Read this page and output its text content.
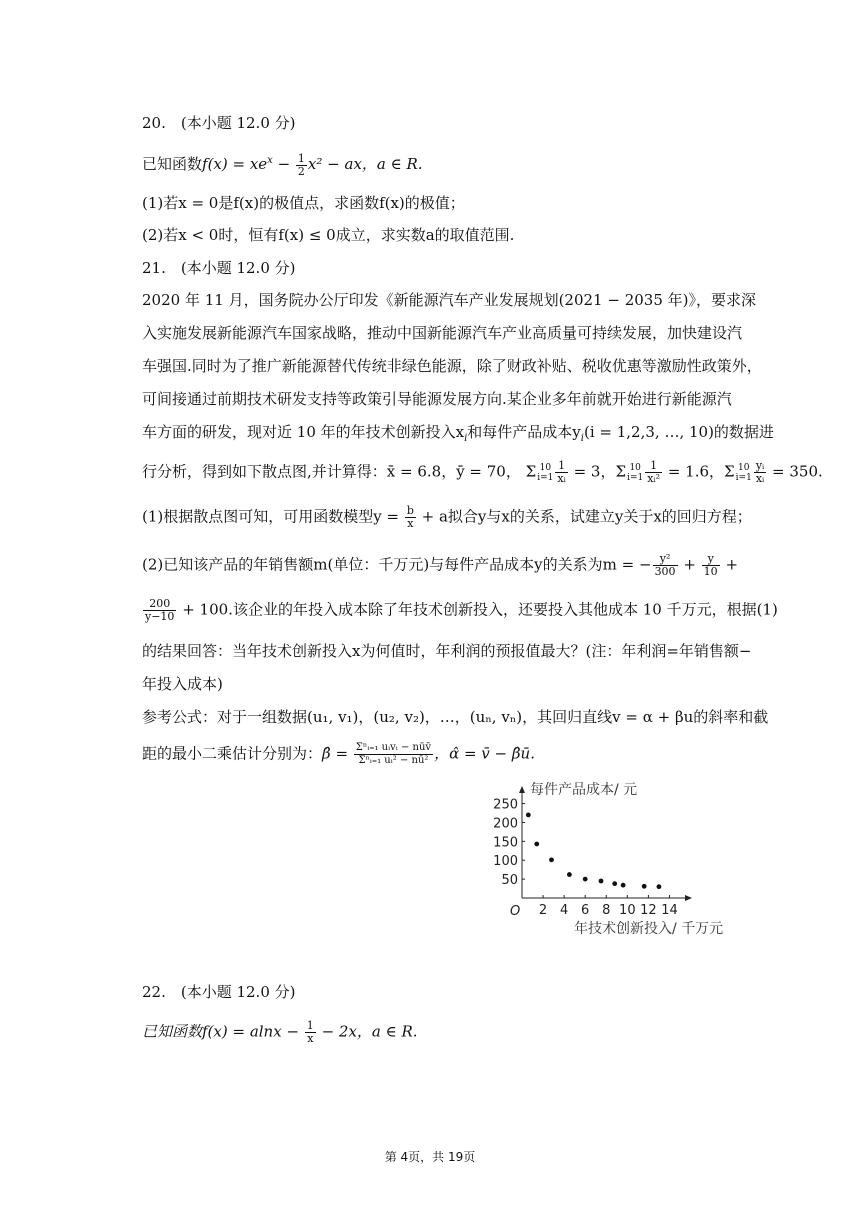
20.　(本小题 12.0 分)
已知函数$f(x) = xe^x - \frac{1}{2} x^2$ − ax，a ∈ R.
(1)若x = 0是f(x)的极值点，求函数f(x)的极值；
(2)若x < 0时，恒有f(x) ≤ 0成立，求实数a的取值范围.
21.　(本小题 12.0 分)
2020 年 11 月，国务院办公厅印发《新能源汽车产业发展规划(2021 − 2035 年)》，要求深
入实施发展新能源汽车国家战略，推动中国新能源汽车产业高质量可持续发展，加快建设汽
车强国.同时为了推广新能源替代传统非绿色能源，除了财政补贴、税收优惠等激励性政策外，
可间接通过前期技术研发支持等政策引导能源发展方向.某企业多年前就开始进行新能源汽
车方面的研发，现对近 10 年的年技术创新投入$x_i$和每件产品成本$y_i(i = 1,2,3$, …, 10)的数据进
行分析，得到如下散点图,并计算得：x̄ = 6.8，ȳ = 70， Σ 10
$i=1 \frac{1}{\text{xᵢ}} = 3$，Σ 10
$i=1 \frac{1}{\text{xᵢ²}} = 1.6$，Σ 10
$i=1 \frac{\text{yᵢ}}{\text{xᵢ}} = 350$.
(1)根据散点图可知，可用函数模型$y = \frac{b}{x} + a$拟合y与x的关系，试建立y关于x的回归方程；
(2)已知该产品的年销售额m(单位：千万元)与每件产品成本y的关系为m = − $\frac{\text{y²}}{300} + \frac{y}{10}$ +
$\frac{200}{y-10} + 100$.该企业的年投入成本除了年技术创新投入，还要投入其他成本 10 千万元，根据(1)
的结果回答：当年技术创新投入x为何值时，年利润的预报值最大？(注：年利润=年销售额−
年投入成本)
参考公式：对于一组数据(u₁, v₁)，(u₂, v₂)，…，(uₙ, vₙ)，其回归直线v = α + βu的斜率和截
距的最小二乘估计分别为：β̂ = $\frac{\text{Σⁿᵢ₌₁ uᵢvᵢ − nūv̄}}{\text{Σⁿᵢ₌₁ uᵢ² − nū²}}$ ，α̂ = v̄ − β̂ū.
50
100
150
200
250
2 4 6 8 10 12 14
每件产品成本/ 元
年技术创新投入/ 千万元
O
22.　(本小题 12.0 分)
已知函数$f(x) = alnx - \frac{1}{x} - 2x$，a ∈ R.
第 4页，共 19页
